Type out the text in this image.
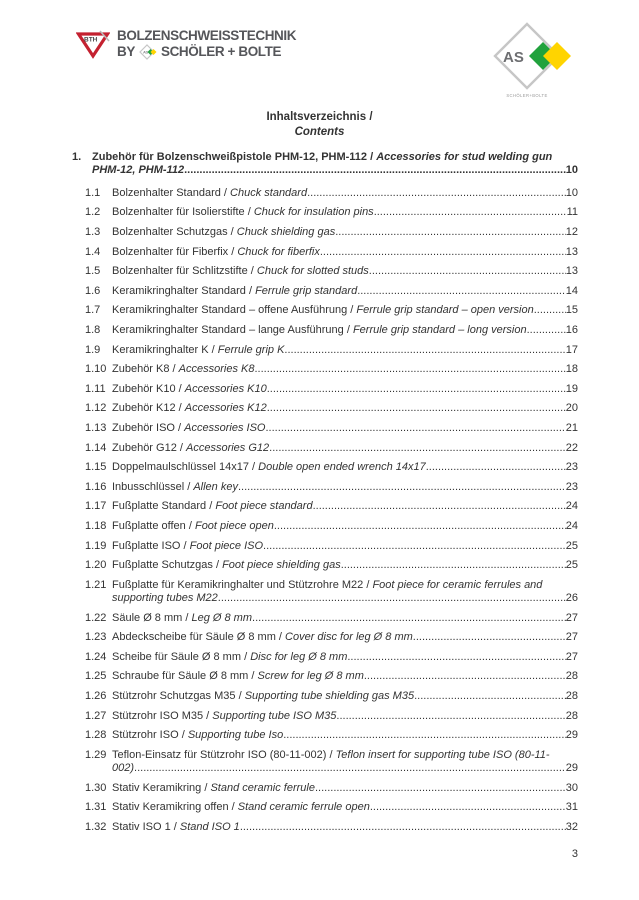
BTH BOLZENSCHWEISSTECHNIK
BY AS SCHÖLER + BOLTE	AS
SCHÖLER+BOLTE
Inhaltsverzeichnis /
Contents
1. Zubehör für Bolzenschweißpistole PHM-12, PHM-112 / Accessories for stud welding gun
PHM-12, PHM-112 .....	10
1.1	Bolzenhalter Standard / Chuck standard .....	10
1.2	Bolzenhalter für Isolierstifte / Chuck for insulation pins .....	11
1.3	Bolzenhalter Schutzgas / Chuck shielding gas .....	12
1.4	Bolzenhalter für Fiberfix / Chuck for fiberfix .....	13
1.5	Bolzenhalter für Schlitzstifte / Chuck for slotted studs .....	13
1.6	Keramikringhalter Standard / Ferrule grip standard .....	14
1.7	Keramikringhalter Standard – offene Ausführung / Ferrule grip standard – open version .....	15
1.8	Keramikringhalter Standard – lange Ausführung / Ferrule grip standard – long version .....	16
1.9	Keramikringhalter K / Ferrule grip K .....	17
1.10 Zubehör K8 / Accessories K8 .....	18
1.11 Zubehör K10 / Accessories K10 .....	19
1.12 Zubehör K12 / Accessories K12 .....	20
1.13 Zubehör ISO / Accessories ISO .....	21
1.14 Zubehör G12 / Accessories G12 .....	22
1.15 Doppelmaulschlüssel 14x17 / Double open ended wrench 14x17 .....	23
1.16 Inbusschlüssel / Allen key .....	23
1.17 Fußplatte Standard / Foot piece standard .....	24
1.18 Fußplatte offen / Foot piece open .....	24
1.19 Fußplatte ISO / Foot piece ISO .....	25
1.20 Fußplatte Schutzgas / Foot piece shielding gas .....	25
1.21 Fußplatte für Keramikringhalter und Stützrohre M22 / Foot piece for ceramic ferrules and
supporting tubes M22 .....	26
1.22 Säule Ø 8 mm / Leg Ø 8 mm .....	27
1.23 Abdeckscheibe für Säule Ø 8 mm / Cover disc for leg Ø 8 mm .....	27
1.24 Scheibe für Säule Ø 8 mm / Disc for leg Ø 8 mm .....	27
1.25 Schraube für Säule Ø 8 mm / Screw for leg Ø 8 mm .....	28
1.26 Stützrohr Schutzgas M35 / Supporting tube shielding gas M35 .....	28
1.27 Stützrohr ISO M35 / Supporting tube ISO M35 .....	28
1.28 Stützrohr ISO / Supporting tube Iso .....	29
1.29 Teflon-Einsatz für Stützrohr ISO (80-11-002) / Teflon insert for supporting tube ISO (80-11-
002) .....	29
1.30 Stativ Keramikring / Stand ceramic ferrule .....	30
1.31 Stativ Keramikring offen / Stand ceramic ferrule open .....	31
1.32 Stativ ISO 1 / Stand ISO 1 .....	32
3
